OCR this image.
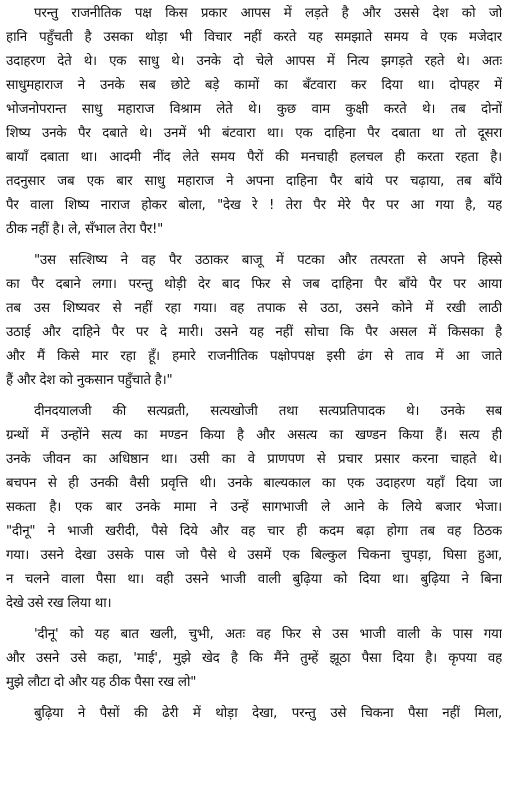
परन्तु राजनीतिक पक्ष किस प्रकार आपस में लड़ते है और उससे देश को जो
हानि पहुँचती है उसका थोड़ा भी विचार नहीं करते यह समझाते समय वे एक मजेदार
उदाहरण देते थे। एक साधु थे। उनके दो चेले आपस में नित्य झगड़ते रहते थे। अतः
साधुमहाराज ने उनके सब छोटे बड़े कामों का बँटवारा कर दिया था। दोपहर में
भोजनोपरान्त साधु महाराज विश्राम लेते थे। कुछ वाम कुक्षी करते थे। तब दोनों
शिष्य उनके पैर दबाते थे। उनमें भी बंटवारा था। एक दाहिना पैर दबाता था तो दूसरा
बायाँ दबाता था। आदमी नींद लेते समय पैरों की मनचाही हलचल ही करता रहता है।
तदनुसार जब एक बार साधु महाराज ने अपना दाहिना पैर बांये पर चढ़ाया, तब बाँये
पैर वाला शिष्य नाराज होकर बोला, "देख रे ! तेरा पैर मेरे पैर पर आ गया है, यह
ठीक नहीं है। ले, सँभाल तेरा पैर!"
"उस सत्शिष्य ने वह पैर उठाकर बाजू में पटका और तत्परता से अपने हिस्से
का पैर दबाने लगा। परन्तु थोड़ी देर बाद फिर से जब दाहिना पैर बाँये पैर पर आया
तब उस शिष्यवर से नहीं रहा गया। वह तपाक से उठा, उसने कोने में रखी लाठी
उठाई और दाहिने पैर पर दे मारी। उसने यह नहीं सोचा कि पैर असल में किसका है
और मैं किसे मार रहा हूँ। हमारे राजनीतिक पक्षोपपक्ष इसी ढंग से ताव में आ जाते
हैं और देश को नुकसान पहुँचाते है।"
दीनदयालजी की सत्यव्रती, सत्यखोजी तथा सत्यप्रतिपादक थे। उनके सब
ग्रन्थों में उन्होंने सत्य का मण्डन किया है और असत्य का खण्डन किया हैं। सत्य ही
उनके जीवन का अधिष्ठान था। उसी का वे प्राणपण से प्रचार प्रसार करना चाहते थे।
बचपन से ही उनकी वैसी प्रवृत्ति थी। उनके बाल्यकाल का एक उदाहरण यहाँ दिया जा
सकता है। एक बार उनके मामा ने उन्हें सागभाजी ले आने के लिये बजार भेजा।
"दीनू" ने भाजी खरीदी, पैसे दिये और वह चार ही कदम बढ़ा होगा तब वह ठिठक
गया। उसने देखा उसके पास जो पैसे थे उसमें एक बिल्कुल चिकना चुपड़ा, घिसा हुआ,
न चलने वाला पैसा था। वही उसने भाजी वाली बुढ़िया को दिया था। बुढ़िया ने बिना
देखे उसे रख लिया था।
'दीनू' को यह बात खली, चुभी, अतः वह फिर से उस भाजी वाली के पास गया
और उसने उसे कहा, 'माई', मुझे खेद है कि मैंने तुम्हें झूठा पैसा दिया है। कृपया वह
मुझे लौटा दो और यह ठीक पैसा रख लो"
बुढ़िया ने पैसों की ढेरी में थोड़ा देखा, परन्तु उसे चिकना पैसा नहीं मिला,
